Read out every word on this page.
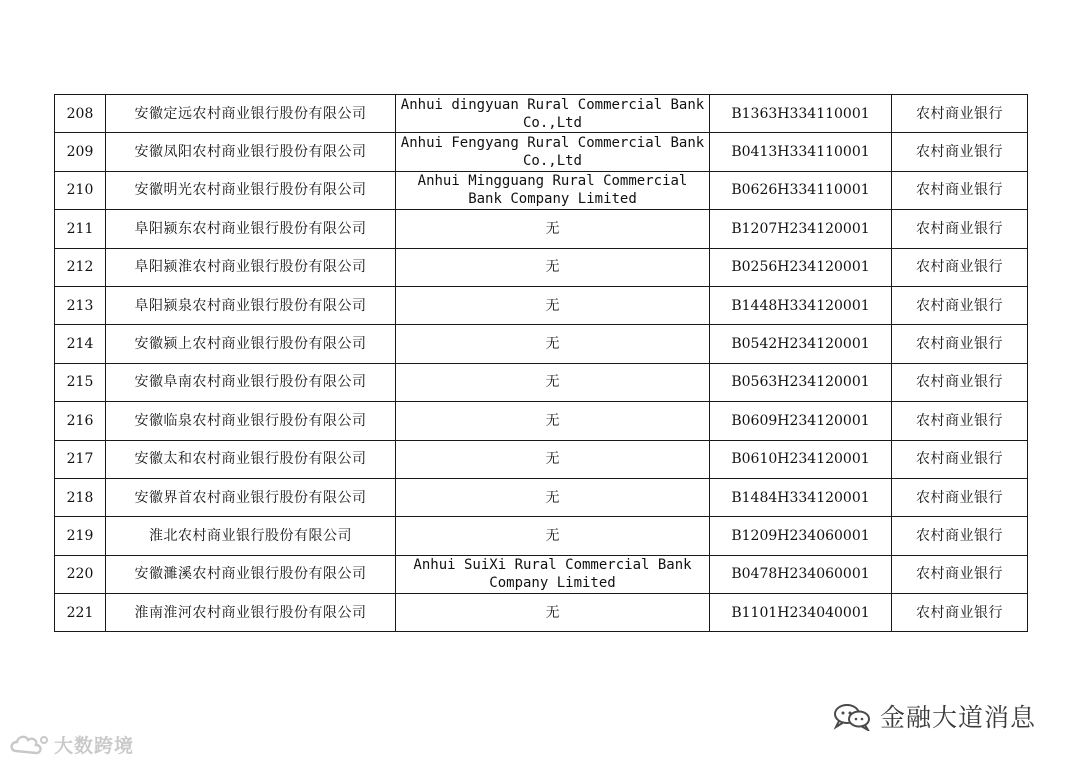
208	安徽定远农村商业银行股份有限公司	Anhui dingyuan Rural Commercial Bank Co.,Ltd	B1363H334110001	农村商业银行
209	安徽凤阳农村商业银行股份有限公司	Anhui Fengyang Rural Commercial Bank Co.,Ltd	B0413H334110001	农村商业银行
210	安徽明光农村商业银行股份有限公司	Anhui Mingguang Rural Commercial Bank Company Limited	B0626H334110001	农村商业银行
211	阜阳颍东农村商业银行股份有限公司	无	B1207H234120001	农村商业银行
212	阜阳颍淮农村商业银行股份有限公司	无	B0256H234120001	农村商业银行
213	阜阳颍泉农村商业银行股份有限公司	无	B1448H334120001	农村商业银行
214	安徽颍上农村商业银行股份有限公司	无	B0542H234120001	农村商业银行
215	安徽阜南农村商业银行股份有限公司	无	B0563H234120001	农村商业银行
216	安徽临泉农村商业银行股份有限公司	无	B0609H234120001	农村商业银行
217	安徽太和农村商业银行股份有限公司	无	B0610H234120001	农村商业银行
218	安徽界首农村商业银行股份有限公司	无	B1484H334120001	农村商业银行
219	淮北农村商业银行股份有限公司	无	B1209H234060001	农村商业银行
220	安徽濉溪农村商业银行股份有限公司	Anhui SuiXi Rural Commercial Bank Company Limited	B0478H234060001	农村商业银行
221	淮南淮河农村商业银行股份有限公司	无	B1101H234040001	农村商业银行
大数跨境
金融大道消息
